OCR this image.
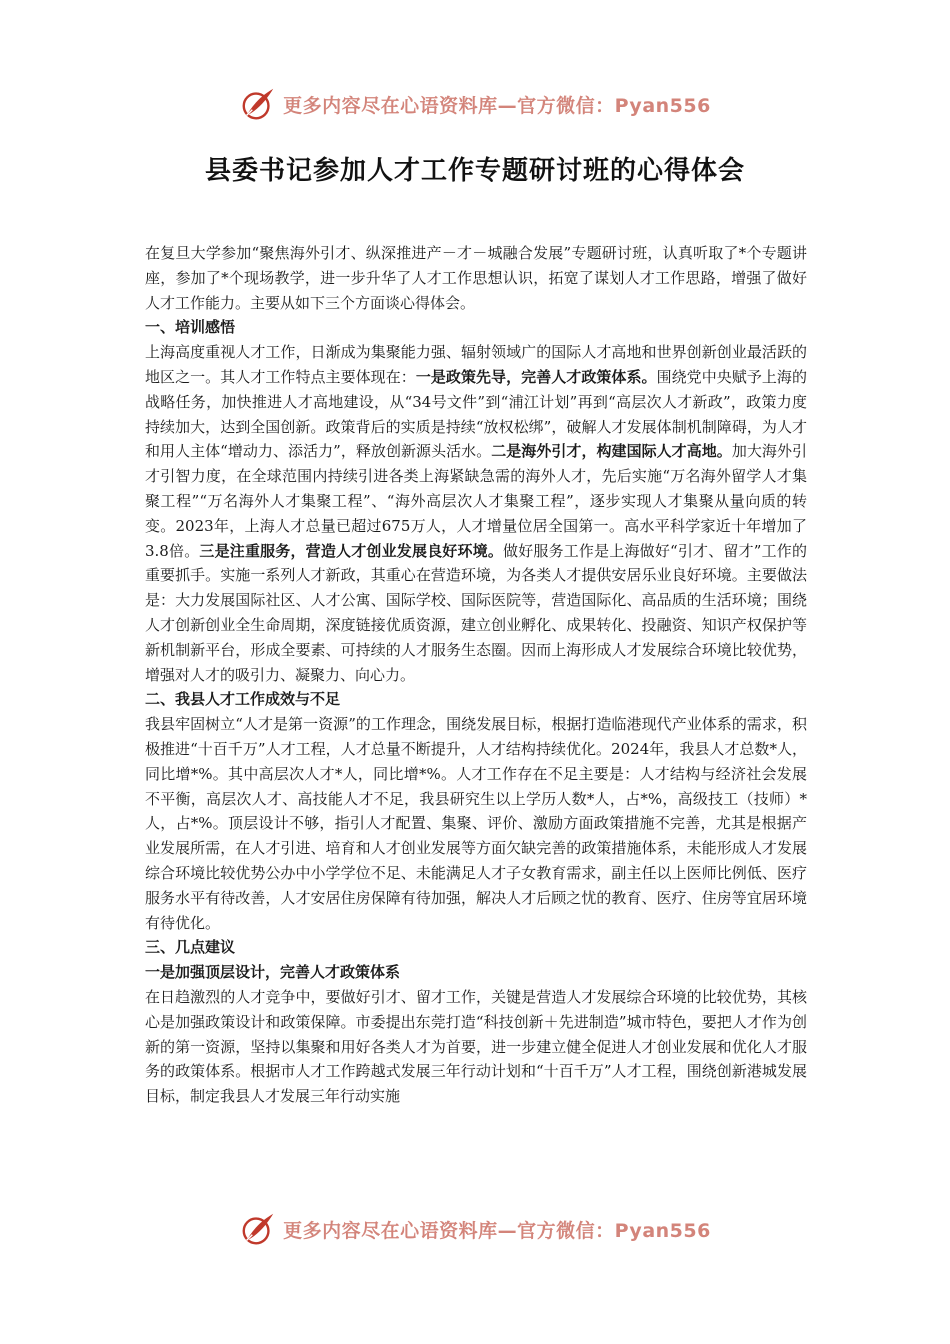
更多内容尽在心语资料库—官方微信：Pyan556
县委书记参加人才工作专题研讨班的心得体会

在复旦大学参加“聚焦海外引才、纵深推进产－才－城融合发展”专题研讨班，认真听取了*个专题讲座，参加了*个现场教学，进一步升华了人才工作思想认识，拓宽了谋划人才工作思路，增强了做好人才工作能力。主要从如下三个方面谈心得体会。

一、培训感悟

上海高度重视人才工作，日渐成为集聚能力强、辐射领域广的国际人才高地和世界创新创业最活跃的地区之一。其人才工作特点主要体现在：一是政策先导，完善人才政策体系。围绕党中央赋予上海的战略任务，加快推进人才高地建设，从“34号文件”到“浦江计划”再到“高层次人才新政”，政策力度持续加大，达到全国创新。政策背后的实质是持续“放权松绑”，破解人才发展体制机制障碍，为人才和用人主体“增动力、添活力”，释放创新源头活水。二是海外引才，构建国际人才高地。加大海外引才引智力度，在全球范围内持续引进各类上海紧缺急需的海外人才，先后实施“万名海外留学人才集聚工程”“万名海外人才集聚工程”、“海外高层次人才集聚工程”，逐步实现人才集聚从量向质的转变。2023年，上海人才总量已超过675万人，人才增量位居全国第一。高水平科学家近十年增加了3.8倍。三是注重服务，营造人才创业发展良好环境。做好服务工作是上海做好“引才、留才”工作的重要抓手。实施一系列人才新政，其重心在营造环境，为各类人才提供安居乐业良好环境。主要做法是：大力发展国际社区、人才公寓、国际学校、国际医院等，营造国际化、高品质的生活环境；围绕人才创新创业全生命周期，深度链接优质资源，建立创业孵化、成果转化、投融资、知识产权保护等新机制新平台，形成全要素、可持续的人才服务生态圈。因而上海形成人才发展综合环境比较优势，增强对人才的吸引力、凝聚力、向心力。

二、我县人才工作成效与不足

我县牢固树立“人才是第一资源”的工作理念，围绕发展目标，根据打造临港现代产业体系的需求，积极推进“十百千万”人才工程，人才总量不断提升，人才结构持续优化。2024年，我县人才总数*人，同比增*%。其中高层次人才*人，同比增*%。人才工作存在不足主要是：人才结构与经济社会发展不平衡，高层次人才、高技能人才不足，我县研究生以上学历人数*人，占*%，高级技工（技师）*人，占*%。顶层设计不够，指引人才配置、集聚、评价、激励方面政策措施不完善，尤其是根据产业发展所需，在人才引进、培育和人才创业发展等方面欠缺完善的政策措施体系，未能形成人才发展综合环境比较优势公办中小学学位不足、未能满足人才子女教育需求，副主任以上医师比例低、医疗服务水平有待改善，人才安居住房保障有待加强，解决人才后顾之忧的教育、医疗、住房等宜居环境有待优化。

三、几点建议

一是加强顶层设计，完善人才政策体系

在日趋激烈的人才竞争中，要做好引才、留才工作，关键是营造人才发展综合环境的比较优势，其核心是加强政策设计和政策保障。市委提出东莞打造“科技创新＋先进制造”城市特色，要把人才作为创新的第一资源，坚持以集聚和用好各类人才为首要，进一步建立健全促进人才创业发展和优化人才服务的政策体系。根据市人才工作跨越式发展三年行动计划和“十百千万”人才工程，围绕创新港城发展目标，制定我县人才发展三年行动实施

更多内容尽在心语资料库—官方微信：Pyan556
